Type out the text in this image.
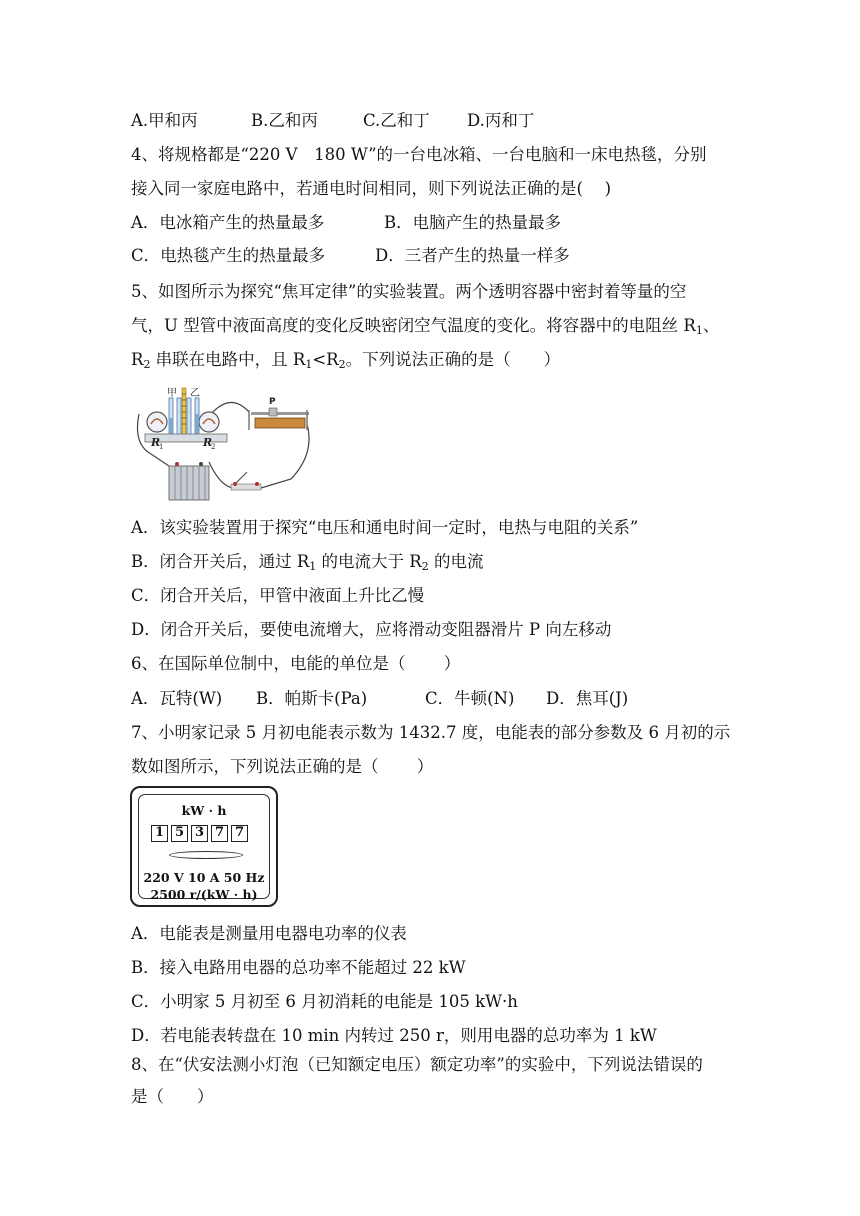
A.甲和丙	B.乙和丙	C.乙和丁 D.丙和丁
4、将规格都是“220 V　180 W”的一台电冰箱、一台电脑和一床电热毯，分别
接入同一家庭电路中，若通电时间相同，则下列说法正确的是(　 )
A．电冰箱产生的热量最多	B．电脑产生的热量最多
C．电热毯产生的热量最多	D．三者产生的热量一样多
5、如图所示为探究“焦耳定律”的实验装置。两个透明容器中密封着等量的空
气，U 型管中液面高度的变化反映密闭空气温度的变化。将容器中的电阻丝 $R_1$、
$R_2$ 串联在电路中，且 $R_1<R_2$。下列说法正确的是（　　）
甲 乙
R
1	R
2
P
A．该实验装置用于探究“电压和通电时间一定时，电热与电阻的关系”
B．闭合开关后，通过 $R_1$ 的电流大于 $R_2$ 的电流
C．闭合开关后，甲管中液面上升比乙慢
D．闭合开关后，要使电流增大，应将滑动变阻器滑片 P 向左移动
6、在国际单位制中，电能的单位是（　　 ）
A．瓦特(W) B．帕斯卡(Pa)	C．牛顿(N) D．焦耳(J)
7、小明家记录 5 月初电能表示数为 1432.7 度，电能表的部分参数及 6 月初的示
数如图所示，下列说法正确的是（　　 ）
kW · h
1 5 3 7 7
220 V 10 A 50 Hz
2500 r/(kW · h)
A．电能表是测量用电器电功率的仪表
B．接入电路用电器的总功率不能超过 22 kW
C．小明家 5 月初至 6 月初消耗的电能是 105 kW·h
D．若电能表转盘在 10 min 内转过 250 r，则用电器的总功率为 1 kW
8、在“伏安法测小灯泡（已知额定电压）额定功率”的实验中，下列说法错误的
是（　　）
